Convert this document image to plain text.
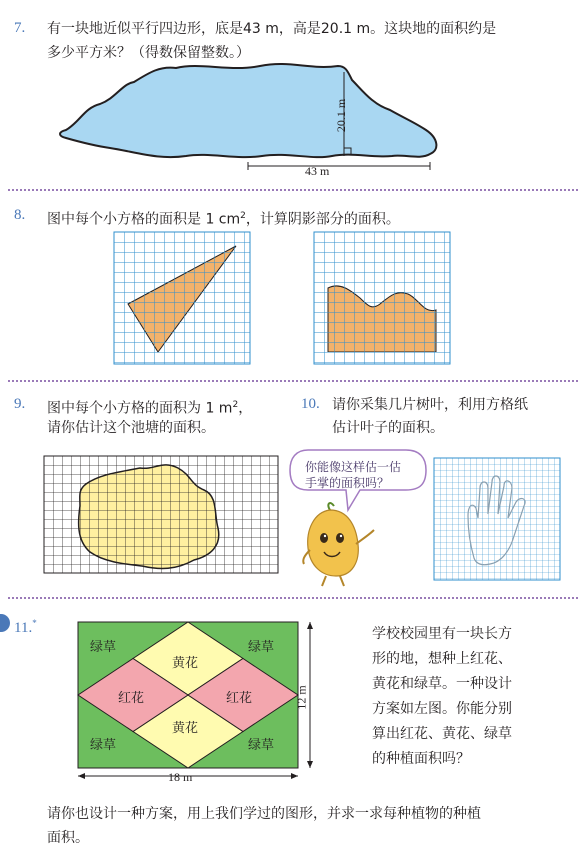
7. 有一块地近似平行四边形，底是43 m，高是20.1 m。这块地的面积约是
多少平方米？（得数保留整数。）
20.1 m
43 m
8. 图中每个小方格的面积是 1 $cm^2$，计算阴影部分的面积。
9. 图中每个小方格的面积为 1 $m^2$，
请你估计这个池塘的面积。
10. 请你采集几片树叶，利用方格纸
估计叶子的面积。
你能像这样估一估
手掌的面积吗？
11.*
绿草	绿草
黄花
红花	红花
黄花
绿草	绿草
18 m
12 m
学校校园里有一块长方
形的地，想种上红花、
黄花和绿草。一种设计
方案如左图。你能分别
算出红花、黄花、绿草
的种植面积吗？
请你也设计一种方案，用上我们学过的图形，并求一求每种植物的种植
面积。
